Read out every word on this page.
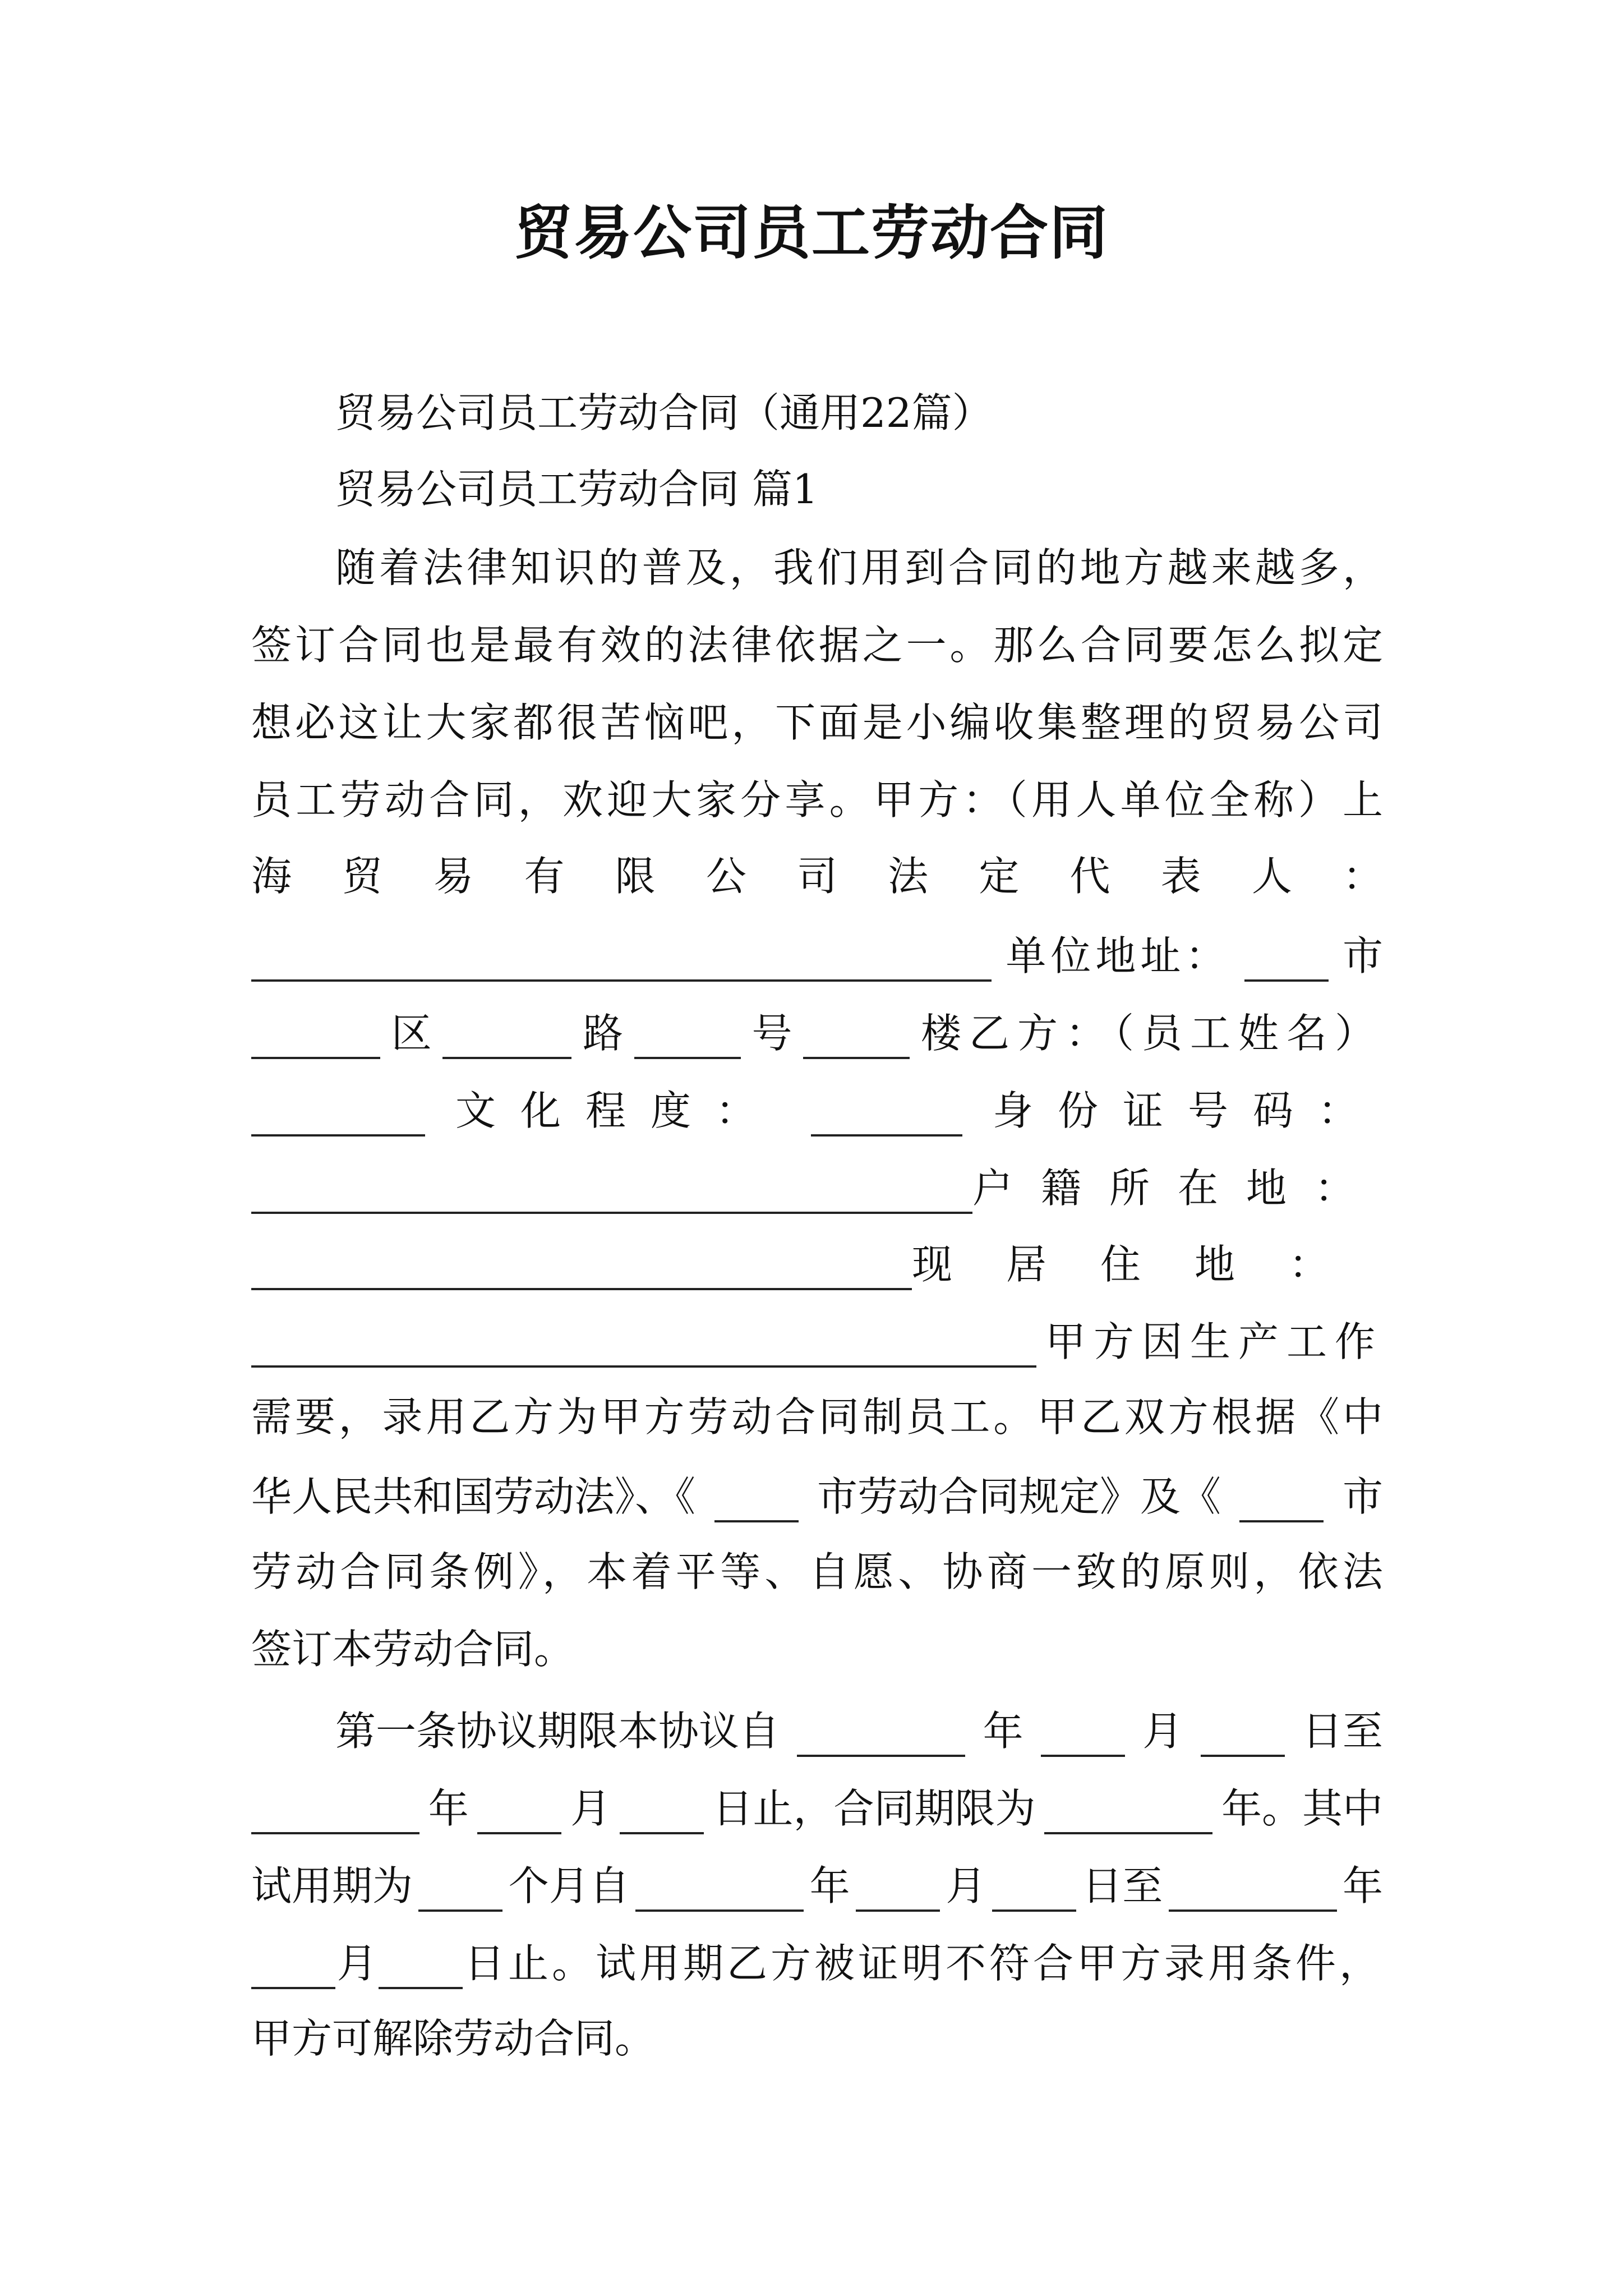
贸易公司员工劳动合同
贸易公司员工劳动合同（通用22篇）
贸易公司员工劳动合同 篇1
随着法律知识的普及，我们用到合同的地方越来越多，
签订合同也是最有效的法律依据之一。那么合同要怎么拟定
想必这让大家都很苦恼吧，下面是小编收集整理的贸易公司
员工劳动合同，欢迎大家分享。甲方：（用人单位全称）上
海贸易有限公司法定代表人：
单位地址：	市
区	路	号	楼乙方：（员工姓名）
文化程度：	身份证号码：
户籍所在地：
现居住地：
甲方因生产工作
需要，录用乙方为甲方劳动合同制员工。甲乙双方根据《中
华人民共和国劳动法》、《	市劳动合同规定》及《	市
劳动合同条例》，本着平等、自愿、协商一致的原则，依法
签订本劳动合同。
第一条协议期限本协议自	年	月	日至
年	月	日止，合同期限为	年。其中
试用期为 个月自	年 月 日至	年
月 日止。试用期乙方被证明不符合甲方录用条件，
甲方可解除劳动合同。
